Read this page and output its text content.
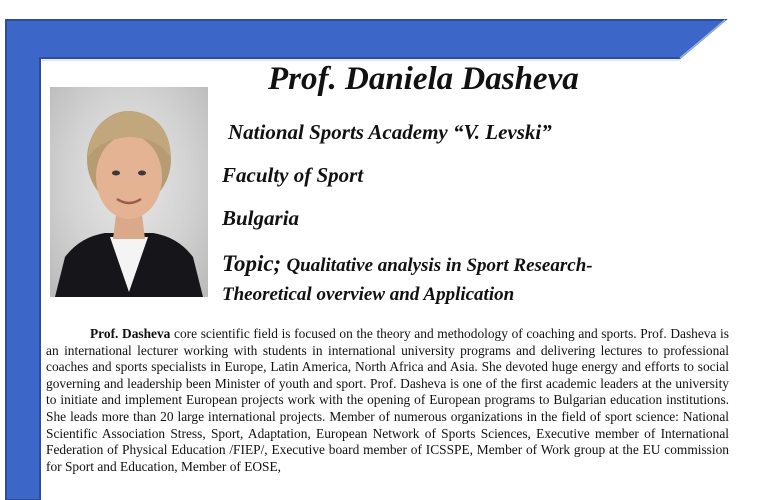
Prof. Daniela Dasheva
National Sports Academy “V. Levski”
Faculty of Sport
Bulgaria
Topic; Qualitative analysis in Sport Research-
Theoretical overview and Application
Prof. Dasheva core scientific field is focused on the theory and methodology of coaching and sports. Prof. Dasheva is an international lecturer working with students in international university programs and delivering lectures to professional coaches and sports specialists in Europe, Latin America, North Africa and Asia. She devoted huge energy and efforts to social governing and leadership been Minister of youth and sport. Prof. Dasheva is one of the first academic leaders at the university to initiate and implement European projects work with the opening of European programs to Bulgarian education institutions. She leads more than 20 large international projects. Member of numerous organizations in the field of sport science: National Scientific Association Stress, Sport, Adaptation, European Network of Sports Sciences, Executive member of International Federation of Physical Education /FIEP/, Executive board member of ICSSPE, Member of Work group at the EU commission for Sport and Education, Member of EOSE,
